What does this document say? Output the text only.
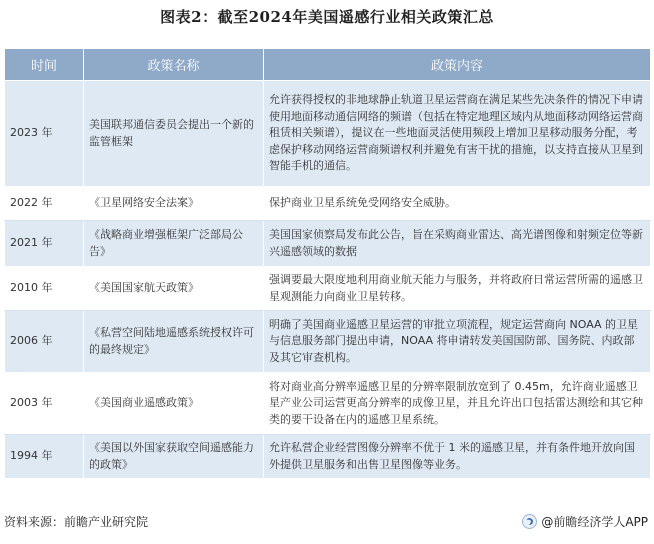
图表2：截至2024年美国遥感行业相关政策汇总
时间	政策名称	政策内容
2023 年	美国联邦通信委员会提出一个新的监管框架	允许获得授权的非地球静止轨道卫星运营商在满足某些先决条件的情况下申请使用地面移动通信网络的频谱（包括在特定地理区域内从地面移动网络运营商租赁相关频谱），提议在一些地面灵活使用频段上增加卫星移动服务分配，考虑保护移动网络运营商频谱权利并避免有害干扰的措施，以支持直接从卫星到智能手机的通信。
2022 年	《卫星网络安全法案》	保护商业卫星系统免受网络安全威胁。
2021 年	《战略商业增强框架广泛部局公告》	美国国家侦察局发布此公告，旨在采购商业雷达、高光谱图像和射频定位等新兴遥感领域的数据
2010 年	《美国国家航天政策》	强调要最大限度地利用商业航天能力与服务，并将政府日常运营所需的遥感卫星观测能力向商业卫星转移。
2006 年	《私营空间陆地遥感系统授权许可的最终规定》	明确了美国商业遥感卫星运营的审批立项流程，规定运营商向 NOAA 的卫星与信息服务部门提出申请，NOAA 将申请转发美国国防部、国务院、内政部及其它审查机构。
2003 年	《美国商业遥感政策》	将对商业高分辨率遥感卫星的分辨率限制放宽到了 0.45m，允许商业遥感卫星产业公司运营更高分辨率的成像卫星，并且允许出口包括雷达测绘和其它种类的要干设备在内的遥感卫星系统。
1994 年	《美国以外国家获取空间遥感能力的政策》	允许私营企业经营图像分辨率不优于 1 米的遥感卫星，并有条件地开放向国外提供卫星服务和出售卫星图像等业务。
资料来源：前瞻产业研究院	@前瞻经济学人APP
